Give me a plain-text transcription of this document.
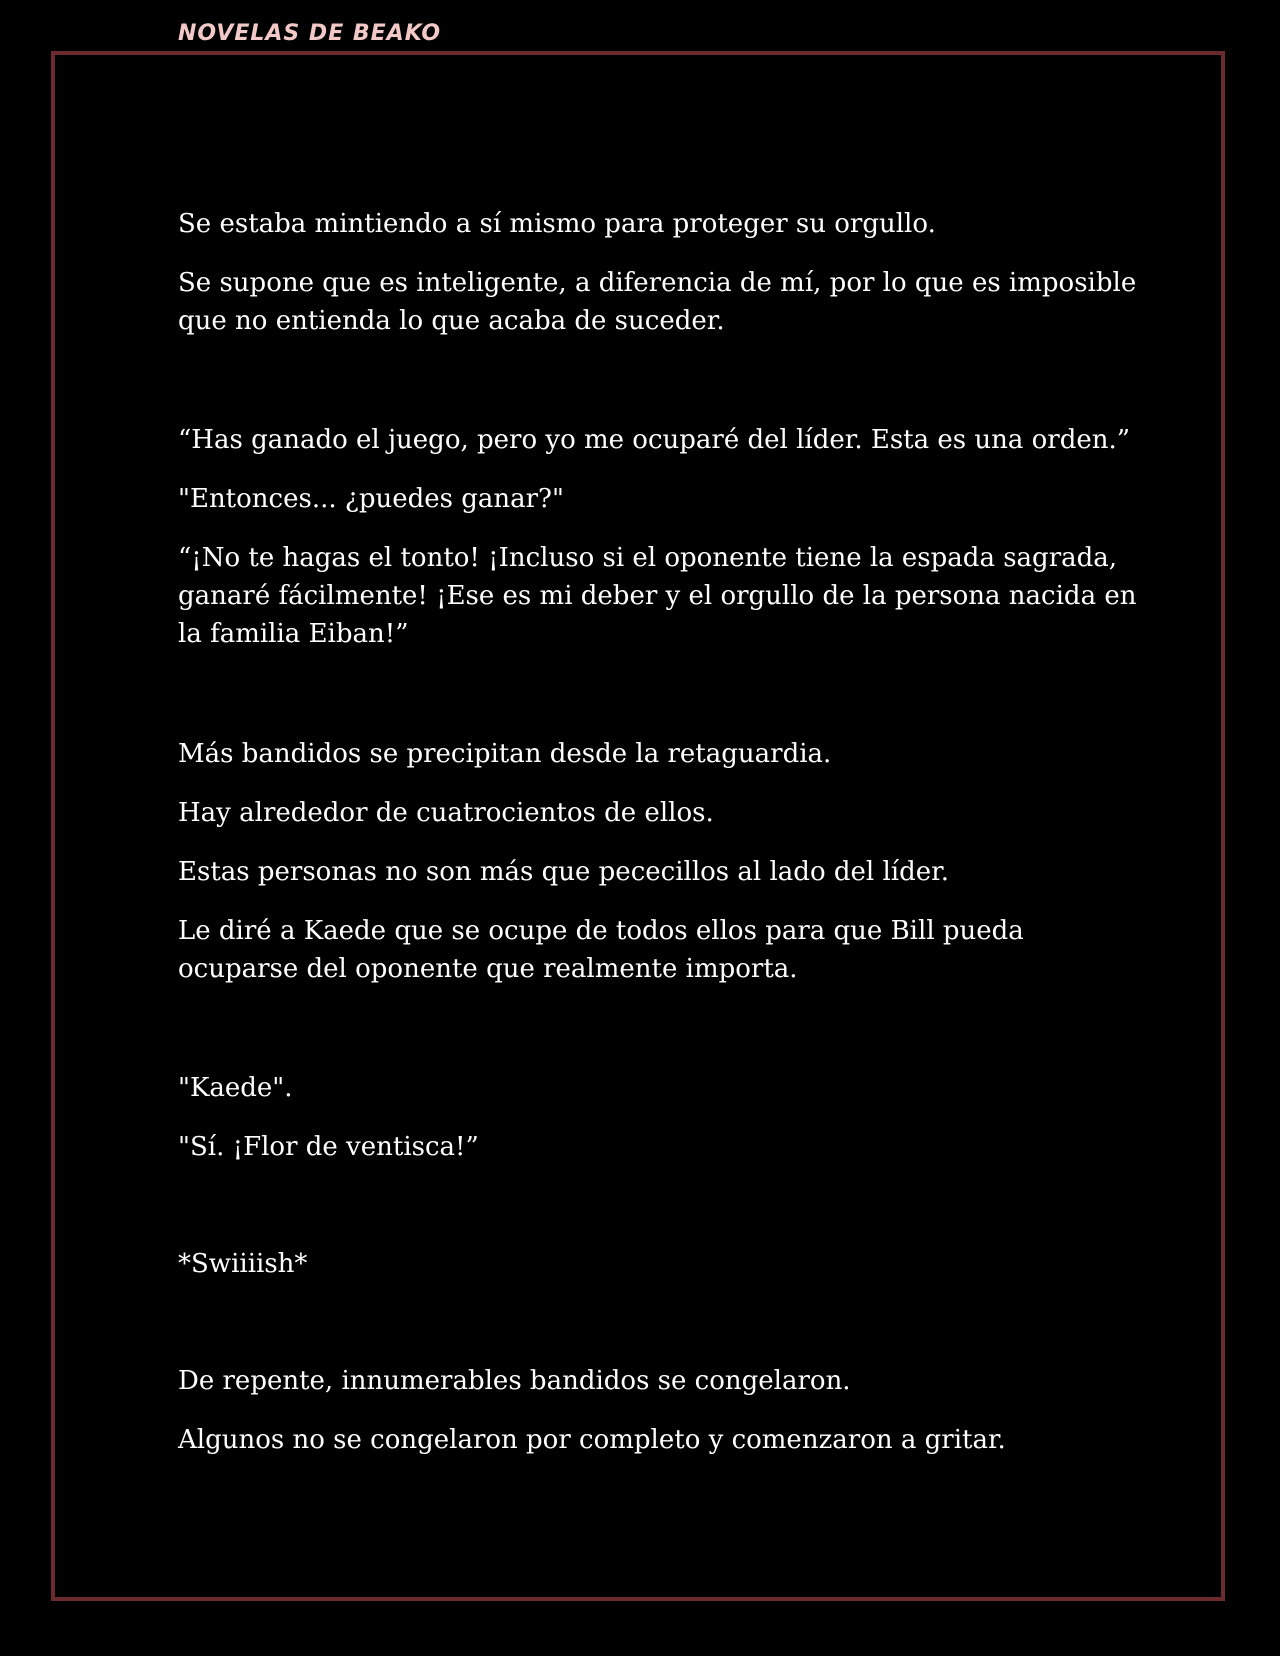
NOVELAS DE BEAKO

Se estaba mintiendo a sí mismo para proteger su orgullo.

Se supone que es inteligente, a diferencia de mí, por lo que es imposible
que no entienda lo que acaba de suceder.

“Has ganado el juego, pero yo me ocuparé del líder. Esta es una orden.”

"Entonces... ¿puedes ganar?"

“¡No te hagas el tonto! ¡Incluso si el oponente tiene la espada sagrada,
ganaré fácilmente! ¡Ese es mi deber y el orgullo de la persona nacida en
la familia Eiban!”

Más bandidos se precipitan desde la retaguardia.

Hay alrededor de cuatrocientos de ellos.

Estas personas no son más que pececillos al lado del líder.

Le diré a Kaede que se ocupe de todos ellos para que Bill pueda
ocuparse del oponente que realmente importa.

"Kaede".

"Sí. ¡Flor de ventisca!”

*Swiiiish*

De repente, innumerables bandidos se congelaron.

Algunos no se congelaron por completo y comenzaron a gritar.
